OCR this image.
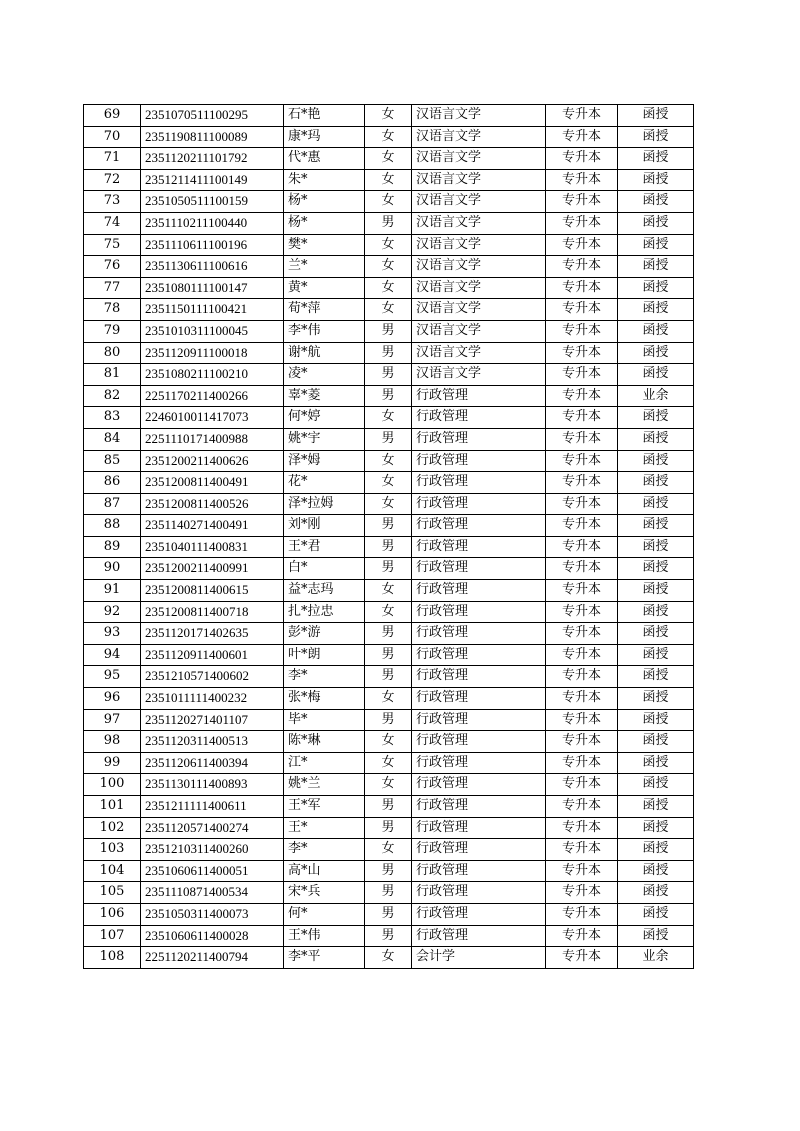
69	2351070511100295	石*艳	女	汉语言文学	专升本	函授
70	2351190811100089	康*玛	女	汉语言文学	专升本	函授
71	2351120211101792	代*惠	女	汉语言文学	专升本	函授
72	2351211411100149	朱*	女	汉语言文学	专升本	函授
73	2351050511100159	杨*	女	汉语言文学	专升本	函授
74	2351110211100440	杨*	男	汉语言文学	专升本	函授
75	2351110611100196	樊*	女	汉语言文学	专升本	函授
76	2351130611100616	兰*	女	汉语言文学	专升本	函授
77	2351080111100147	黄*	女	汉语言文学	专升本	函授
78	2351150111100421	荀*萍	女	汉语言文学	专升本	函授
79	2351010311100045	李*伟	男	汉语言文学	专升本	函授
80	2351120911100018	谢*航	男	汉语言文学	专升本	函授
81	2351080211100210	凌*	男	汉语言文学	专升本	函授
82	2251170211400266	辜*菱	男	行政管理	专升本	业余
83	2246010011417073	何*婷	女	行政管理	专升本	函授
84	2251110171400988	姚*宇	男	行政管理	专升本	函授
85	2351200211400626	泽*姆	女	行政管理	专升本	函授
86	2351200811400491	花*	女	行政管理	专升本	函授
87	2351200811400526	泽*拉姆	女	行政管理	专升本	函授
88	2351140271400491	刘*刚	男	行政管理	专升本	函授
89	2351040111400831	王*君	男	行政管理	专升本	函授
90	2351200211400991	白*	男	行政管理	专升本	函授
91	2351200811400615	益*志玛	女	行政管理	专升本	函授
92	2351200811400718	扎*拉忠	女	行政管理	专升本	函授
93	2351120171402635	彭*游	男	行政管理	专升本	函授
94	2351120911400601	叶*朗	男	行政管理	专升本	函授
95	2351210571400602	李*	男	行政管理	专升本	函授
96	2351011111400232	张*梅	女	行政管理	专升本	函授
97	2351120271401107	毕*	男	行政管理	专升本	函授
98	2351120311400513	陈*琳	女	行政管理	专升本	函授
99	2351120611400394	江*	女	行政管理	专升本	函授
100	2351130111400893	姚*兰	女	行政管理	专升本	函授
101	2351211111400611	王*军	男	行政管理	专升本	函授
102	2351120571400274	王*	男	行政管理	专升本	函授
103	2351210311400260	李*	女	行政管理	专升本	函授
104	2351060611400051	高*山	男	行政管理	专升本	函授
105	2351110871400534	宋*兵	男	行政管理	专升本	函授
106	2351050311400073	何*	男	行政管理	专升本	函授
107	2351060611400028	王*伟	男	行政管理	专升本	函授
108	2251120211400794	李*平	女	会计学	专升本	业余
